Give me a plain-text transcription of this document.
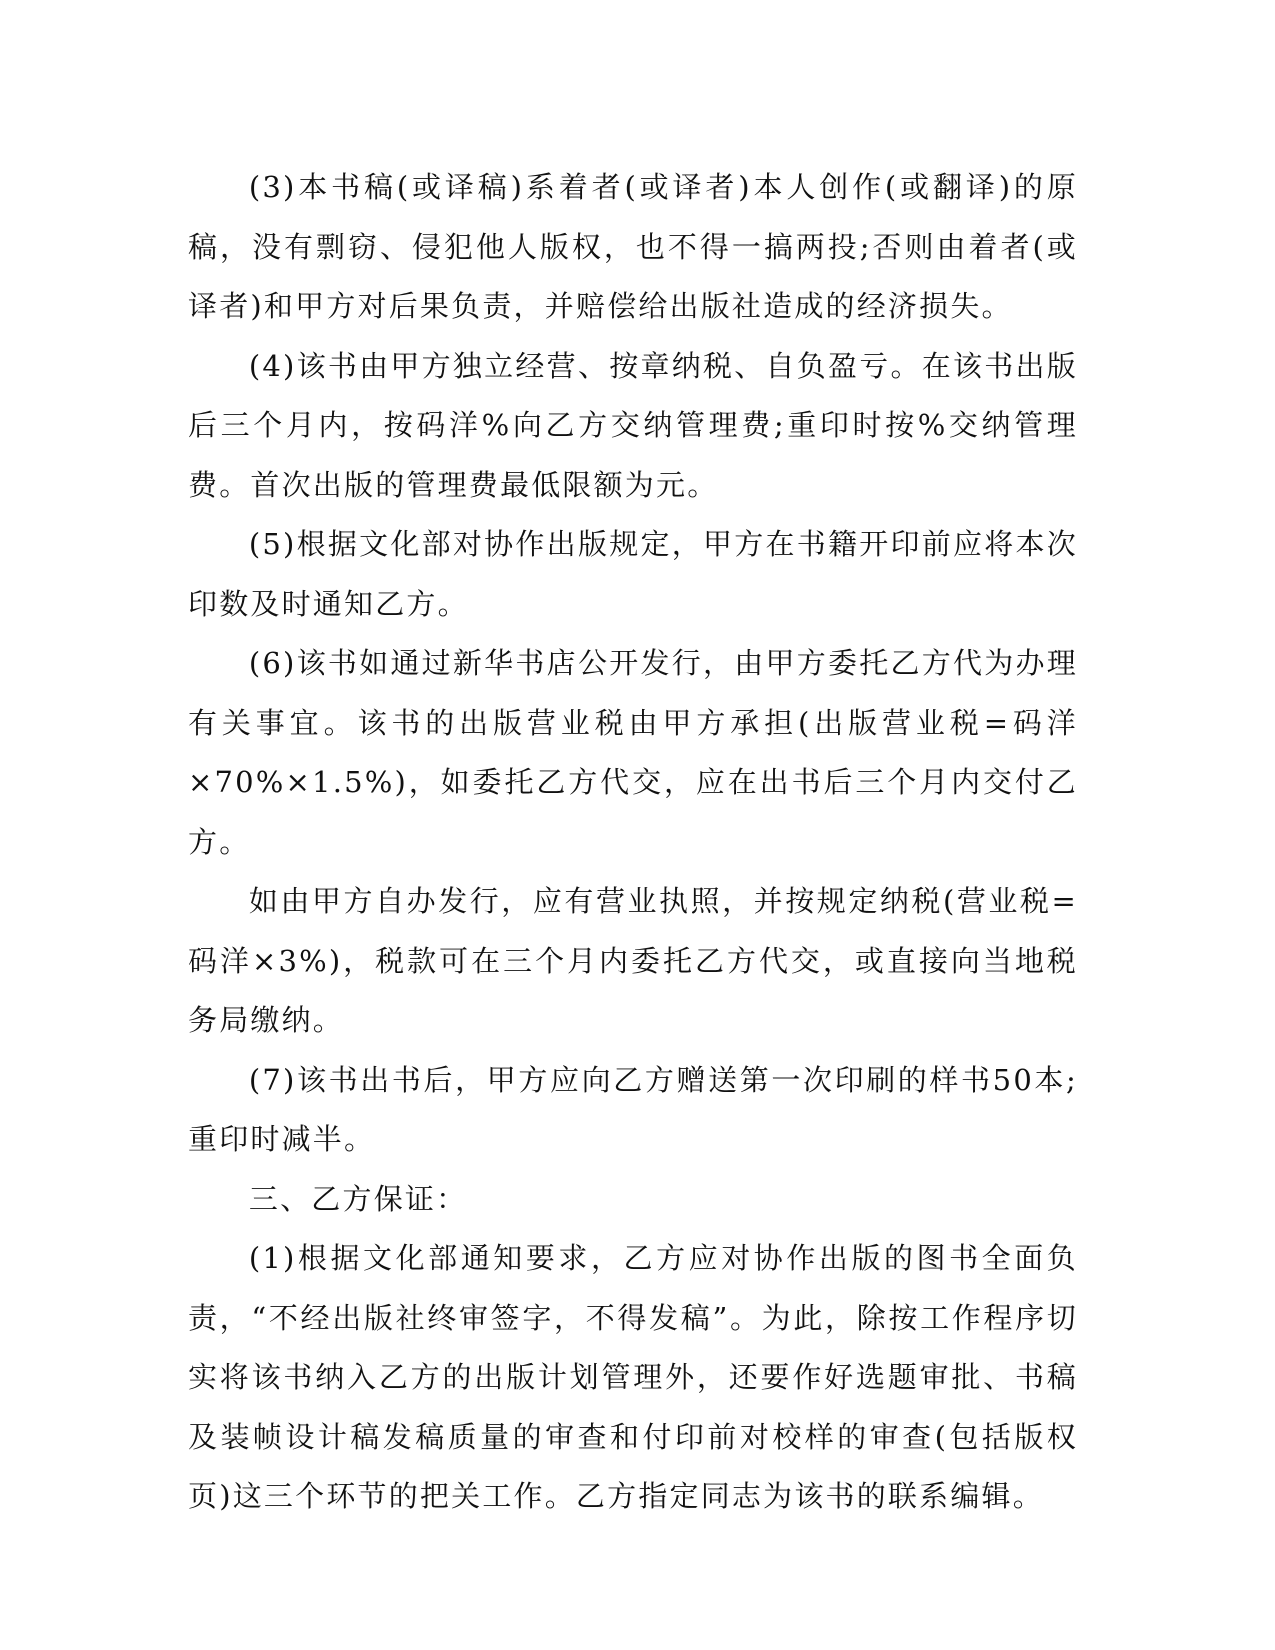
(3)本书稿(或译稿)系着者(或译者)本人创作(或翻译)的原稿，没有剽窃、侵犯他人版权，也不得一搞两投;否则由着者(或译者)和甲方对后果负责，并赔偿给出版社造成的经济损失。

(4)该书由甲方独立经营、按章纳税、自负盈亏。在该书出版后三个月内，按码洋%向乙方交纳管理费;重印时按%交纳管理费。首次出版的管理费最低限额为元。

(5)根据文化部对协作出版规定，甲方在书籍开印前应将本次印数及时通知乙方。

(6)该书如通过新华书店公开发行，由甲方委托乙方代为办理有关事宜。该书的出版营业税由甲方承担(出版营业税=码洋×70%×1.5%)，如委托乙方代交，应在出书后三个月内交付乙方。

如由甲方自办发行，应有营业执照，并按规定纳税(营业税=码洋×3%)，税款可在三个月内委托乙方代交，或直接向当地税务局缴纳。

(7)该书出书后，甲方应向乙方赠送第一次印刷的样书50本;重印时减半。

三、乙方保证：

(1)根据文化部通知要求，乙方应对协作出版的图书全面负责，“不经出版社终审签字，不得发稿”。为此，除按工作程序切实将该书纳入乙方的出版计划管理外，还要作好选题审批、书稿及装帧设计稿发稿质量的审查和付印前对校样的审查(包括版权页)这三个环节的把关工作。乙方指定同志为该书的联系编辑。
